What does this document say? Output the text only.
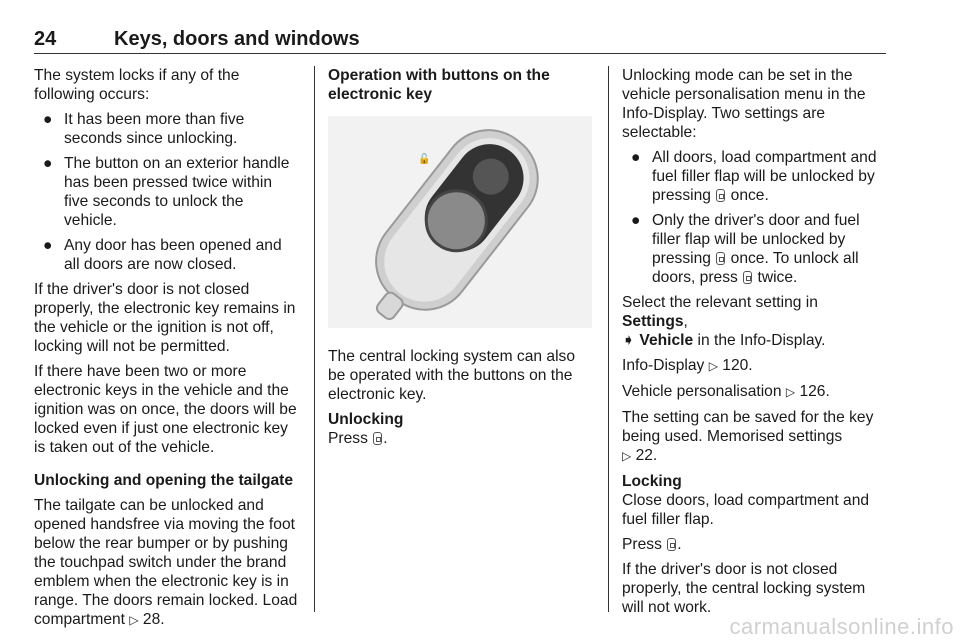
24	Keys, doors and windows

The system locks if any of the following occurs:

● It has been more than five seconds since unlocking.
● The button on an exterior handle has been pressed twice within five seconds to unlock the vehicle.
● Any door has been opened and all doors are now closed.

If the driver's door is not closed properly, the electronic key remains in the vehicle or the ignition is not off, locking will not be permitted.

If there have been two or more electronic keys in the vehicle and the ignition was on once, the doors will be locked even if just one electronic key is taken out of the vehicle.

Unlocking and opening the tailgate

The tailgate can be unlocked and opened handsfree via moving the foot below the rear bumper or by pushing the touchpad switch under the brand emblem when the electronic key is in range. The doors remain locked. Load compartment ▷ 28.

Operation with buttons on the electronic key

🔓

The central locking system can also be operated with the buttons on the electronic key.

Unlocking

Press .

Unlocking mode can be set in the vehicle personalisation menu in the Info-Display. Two settings are selectable:

● All doors, load compartment and fuel filler flap will be unlocked by pressing once.
● Only the driver's door and fuel filler flap will be unlocked by pressing once. To unlock all doors, press twice.

Select the relevant setting in Settings,
➧ Vehicle in the Info-Display.

Info-Display ▷ 120.

Vehicle personalisation ▷ 126.

The setting can be saved for the key being used. Memorised settings
▷ 22.

Locking

Close doors, load compartment and fuel filler flap.

Press .

If the driver's door is not closed properly, the central locking system will not work.

carmanualsonline.info
